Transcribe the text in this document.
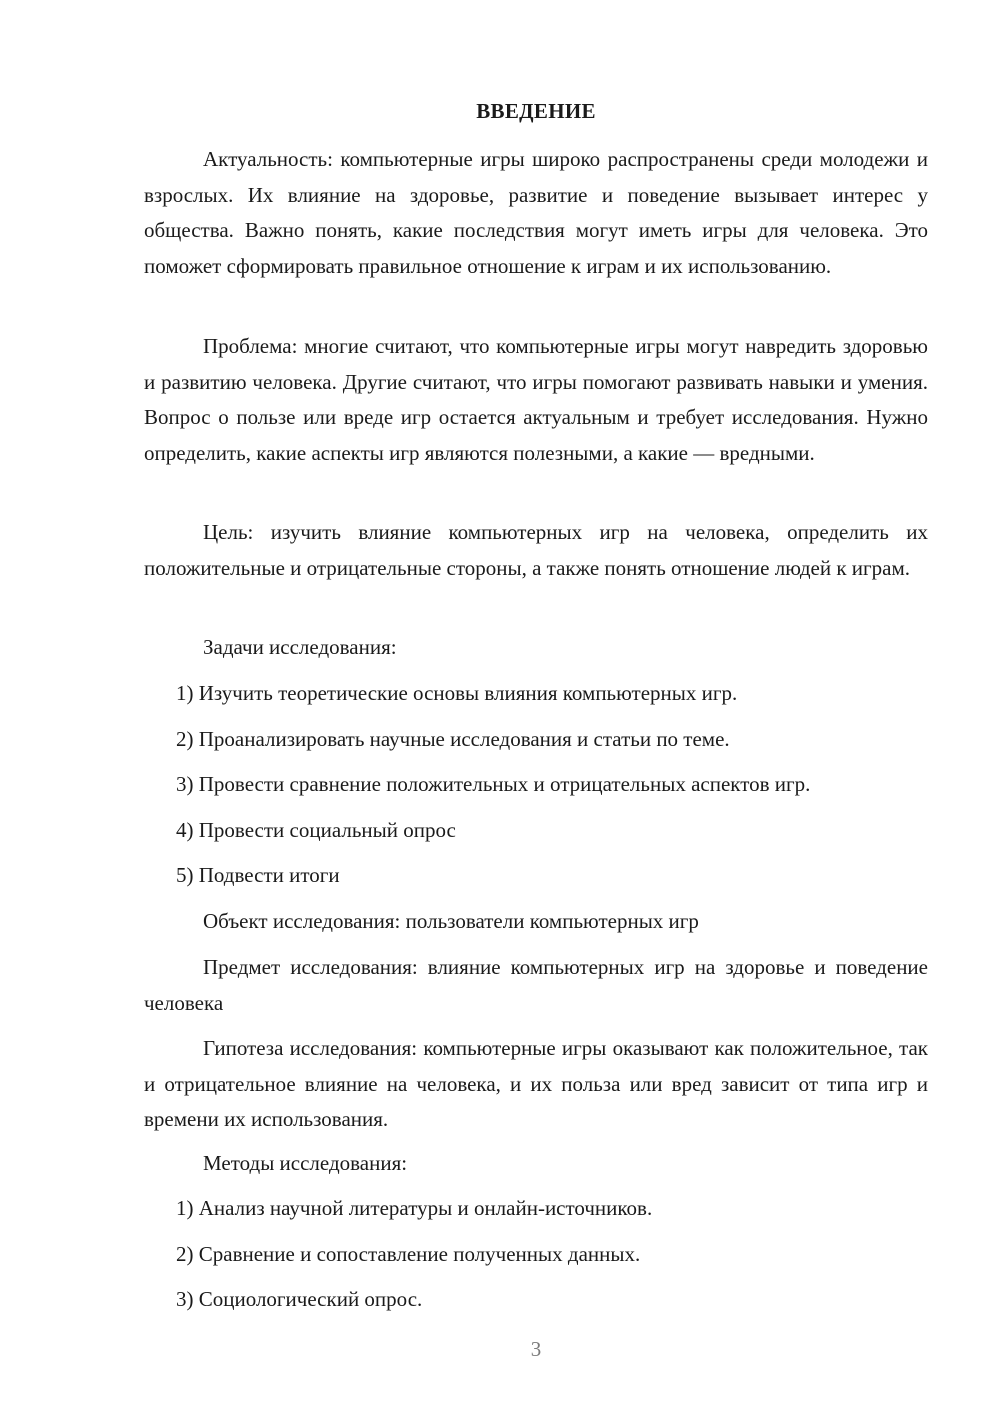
ВВЕДЕНИЕ

Актуальность: компьютерные игры широко распространены среди молодежи и взрослых. Их влияние на здоровье, развитие и поведение вызывает интерес у общества. Важно понять, какие последствия могут иметь игры для человека. Это поможет сформировать правильное отношение к играм и их использованию.

Проблема: многие считают, что компьютерные игры могут навредить здоровью и развитию человека. Другие считают, что игры помогают развивать навыки и умения. Вопрос о пользе или вреде игр остается актуальным и требует исследования. Нужно определить, какие аспекты игр являются полезными, а какие — вредными.

Цель: изучить влияние компьютерных игр на человека, определить их положительные и отрицательные стороны, а также понять отношение людей к играм.

Задачи исследования:

1) Изучить теоретические основы влияния компьютерных игр.

2) Проанализировать научные исследования и статьи по теме.

3) Провести сравнение положительных и отрицательных аспектов игр.

4) Провести социальный опрос

5) Подвести итоги

Объект исследования: пользователи компьютерных игр

Предмет исследования: влияние компьютерных игр на здоровье и поведение человека

Гипотеза исследования: компьютерные игры оказывают как положительное, так и отрицательное влияние на человека, и их польза или вред зависит от типа игр и времени их использования.

Методы исследования:

1) Анализ научной литературы и онлайн-источников.

2) Сравнение и сопоставление полученных данных.

3) Социологический опрос.

3
